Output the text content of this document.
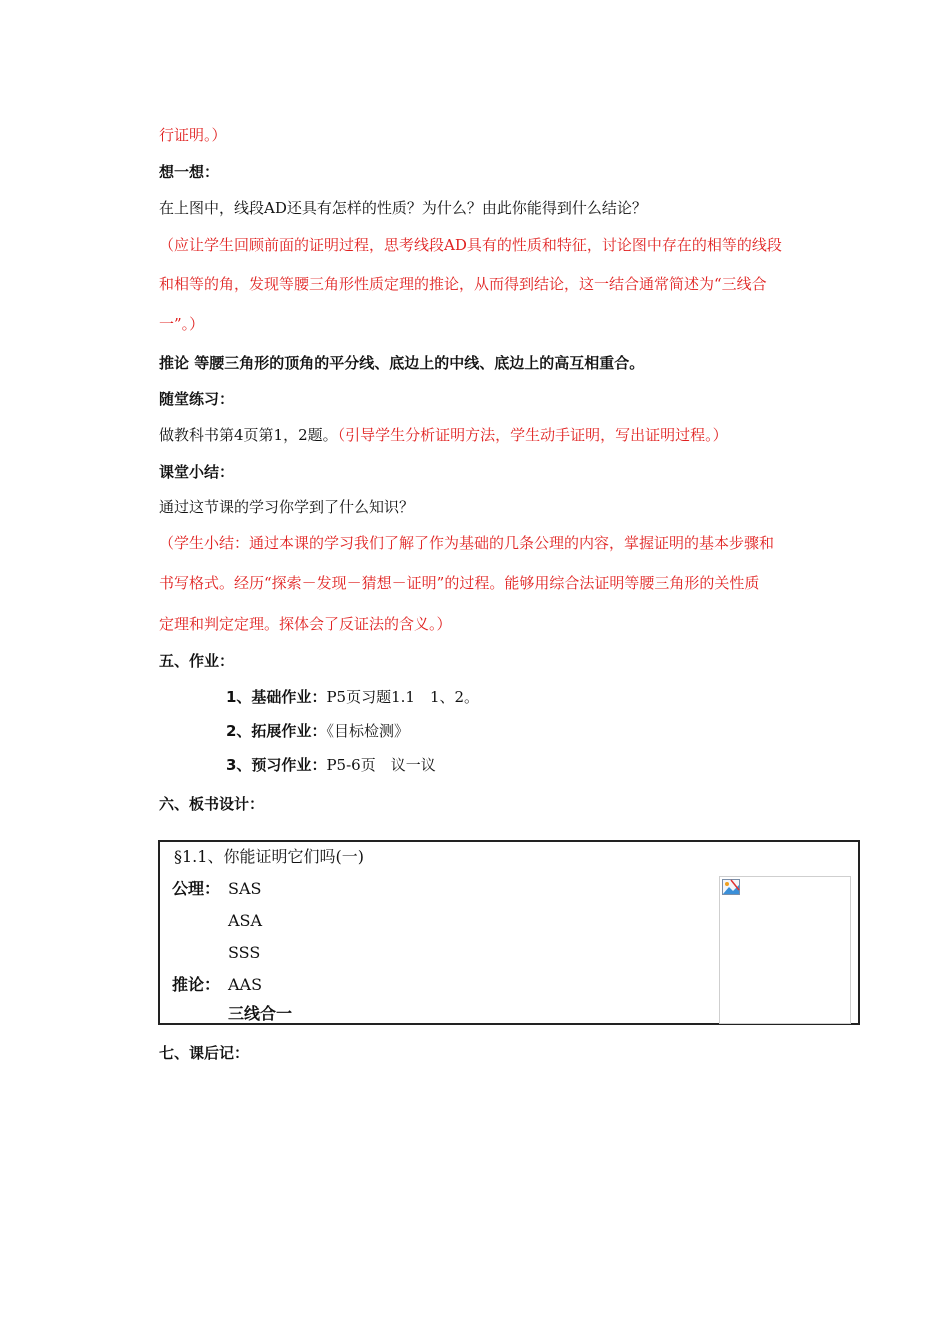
行证明。）
想一想：
在上图中，线段AD还具有怎样的性质？为什么？由此你能得到什么结论？
（应让学生回顾前面的证明过程，思考线段AD具有的性质和特征，讨论图中存在的相等的线段
和相等的角，发现等腰三角形性质定理的推论，从而得到结论，这一结合通常简述为“三线合
一”。）
推论 等腰三角形的顶角的平分线、底边上的中线、底边上的高互相重合。
随堂练习：
做教科书第4页第1，2题。（引导学生分析证明方法，学生动手证明，写出证明过程。）
课堂小结：
通过这节课的学习你学到了什么知识？
（学生小结：通过本课的学习我们了解了作为基础的几条公理的内容，掌握证明的基本步骤和
书写格式。经历“探索－发现－猜想－证明”的过程。能够用综合法证明等腰三角形的关性质
定理和判定定理。探体会了反证法的含义。）
五、作业：
1、基础作业：P5页习题1.1　1、2。
2、拓展作业：《目标检测》
3、预习作业：P5-6页　议一议
六、板书设计：
§1.1、你能证明它们吗(一)
公理： SAS
ASA
SSS
推论： AAS
三线合一
七、课后记：
